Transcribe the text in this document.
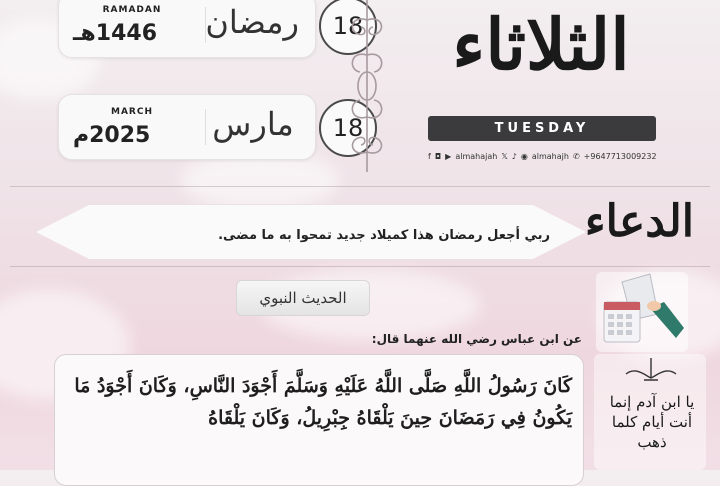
RAMADAN
1446هـ	رمضان	18
MARCH
2025م	مارس	18
الثلاثاء
TUESDAY
f ◘ ▶ almahajah 𝕏 ♪ ◉ almahajh ✆ +9647713009232
ربي أجعل رمضان هذا كميلاد جديد تمحوا به ما مضى. الدعاء
الحديث النبوي
عن ابن عباس رضي الله عنهما قال:
كَانَ رَسُولُ اللَّهِ صَلَّى اللَّهُ عَلَيْهِ وَسَلَّمَ أَجْوَدَ النَّاسِ، وَكَانَ أَجْوَدُ مَا يَكُونُ فِي رَمَضَانَ حِينَ يَلْقَاهُ جِبْرِيلُ، وَكَانَ يَلْقَاهُ
يا ابن آدم إنما أنت أيام كلما ذهب
